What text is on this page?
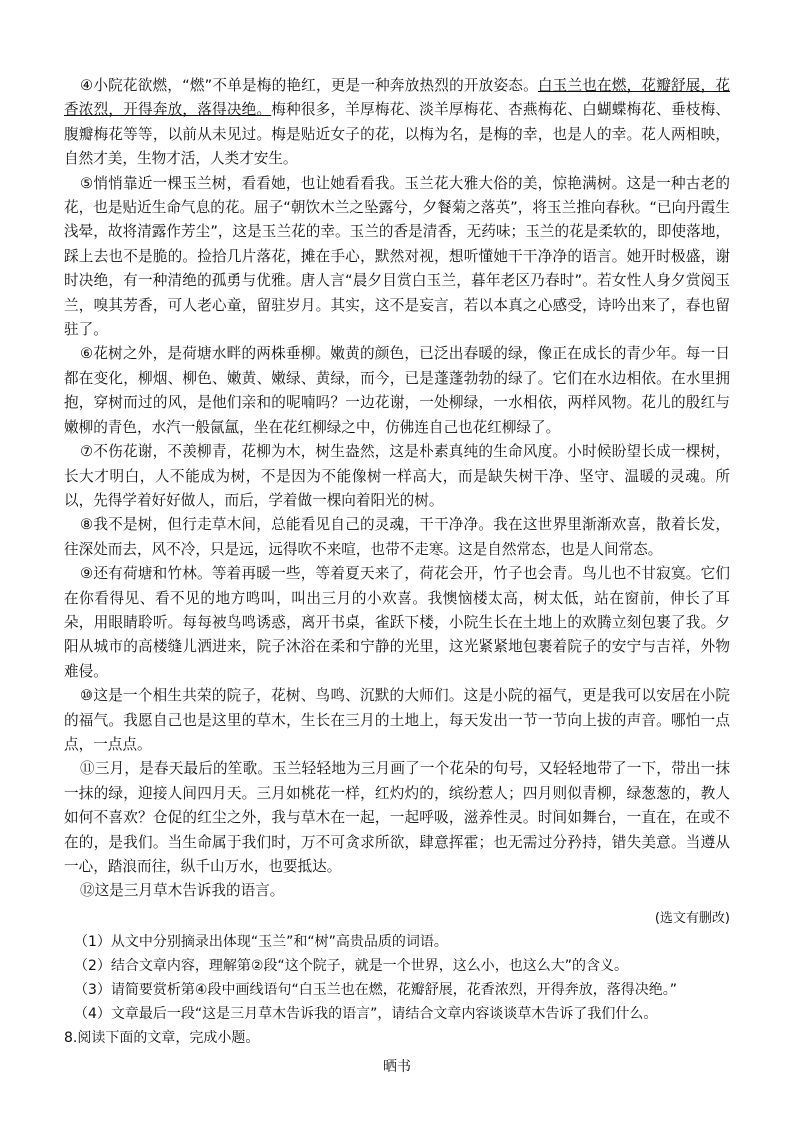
④小院花欲燃，“燃”不单是梅的艳红，更是一种奔放热烈的开放姿态。白玉兰也在燃，花瓣舒展，花香浓烈，开得奔放，落得决绝。梅种很多，羊厚梅花、淡羊厚梅花、杏燕梅花、白蝴蝶梅花、垂枝梅、腹瓣梅花等等，以前从未见过。梅是贴近女子的花，以梅为名，是梅的幸，也是人的幸。花人两相映，自然才美，生物才活，人类才安生。

⑤悄悄靠近一棵玉兰树，看看她，也让她看看我。玉兰花大雅大俗的美，惊艳满树。这是一种古老的花，也是贴近生命气息的花。屈子“朝饮木兰之坠露兮，夕餐菊之落英”，将玉兰推向春秋。“已向丹霞生浅晕，故将清露作芳尘”，这是玉兰花的幸。玉兰的香是清香，无药味；玉兰的花是柔软的，即使落地，踩上去也不是脆的。捡拾几片落花，摊在手心，默然对视，想听懂她干干净净的语言。她开时极盛，谢时决绝，有一种清绝的孤勇与优雅。唐人言“晨夕目赏白玉兰，暮年老区乃春时”。若女性人身夕赏阅玉兰，嗅其芳香，可人老心童，留驻岁月。其实，这不是妄言，若以本真之心感受，诗吟出来了，春也留驻了。

⑥花树之外，是荷塘水畔的两株垂柳。嫩黄的颜色，已泛出春暖的绿，像正在成长的青少年。每一日都在变化，柳烟、柳色、嫩黄、嫩绿、黄绿，而今，已是蓬蓬勃勃的绿了。它们在水边相依。在水里拥抱，穿树而过的风，是他们亲和的呢喃吗？一边花谢，一处柳绿，一水相依，两样风物。花儿的殷红与嫩柳的青色，水汽一般氤氲，坐在花红柳绿之中，仿佛连自己也花红柳绿了。

⑦不伤花谢，不羡柳青，花柳为木，树生盎然，这是朴素真纯的生命风度。小时候盼望长成一棵树，长大才明白，人不能成为树，不是因为不能像树一样高大，而是缺失树干净、坚守、温暖的灵魂。所以，先得学着好好做人，而后，学着做一棵向着阳光的树。

⑧我不是树，但行走草木间，总能看见自己的灵魂，干干净净。我在这世界里渐渐欢喜，散着长发，往深处而去，风不冷，只是远，远得吹不来喧，也带不走寒。这是自然常态，也是人间常态。

⑨还有荷塘和竹林。等着再暖一些，等着夏天来了，荷花会开，竹子也会青。鸟儿也不甘寂寞。它们在你看得见、看不见的地方鸣叫，叫出三月的小欢喜。我懊恼楼太高，树太低，站在窗前，伸长了耳朵，用眼睛聆听。每每被鸟鸣诱惑，离开书桌，雀跃下楼，小院生长在土地上的欢腾立刻包裹了我。夕阳从城市的高楼缝儿洒进来，院子沐浴在柔和宁静的光里，这光紧紧地包裹着院子的安宁与吉祥，外物难侵。

⑩这是一个相生共荣的院子，花树、鸟鸣、沉默的大师们。这是小院的福气，更是我可以安居在小院的福气。我愿自己也是这里的草木，生长在三月的土地上，每天发出一节一节向上拔的声音。哪怕一点点，一点点。

⑪三月，是春天最后的笙歌。玉兰轻轻地为三月画了一个花朵的句号，又轻轻地带了一下，带出一抹一抹的绿，迎接人间四月天。三月如桃花一样，红灼灼的，缤纷惹人；四月则似青柳，绿葱葱的，教人如何不喜欢？仓促的红尘之外，我与草木在一起，一起呼吸，滋养性灵。时间如舞台，一直在，在或不在的，是我们。当生命属于我们时，万不可贪求所欲，肆意挥霍；也无需过分矜持，错失美意。当遵从一心，踏浪而往，纵千山万水，也要抵达。

⑫这是三月草木告诉我的语言。

(选文有删改)

（1）从文中分别摘录出体现“玉兰”和“树”高贵品质的词语。

（2）结合文章内容，理解第②段“这个院子，就是一个世界，这么小，也这么大”的含义。

（3）请简要赏析第④段中画线语句“白玉兰也在燃，花瓣舒展，花香浓烈，开得奔放，落得决绝。”

（4）文章最后一段“这是三月草木告诉我的语言”，请结合文章内容谈谈草木告诉了我们什么。

8.阅读下面的文章，完成小题。

晒书
